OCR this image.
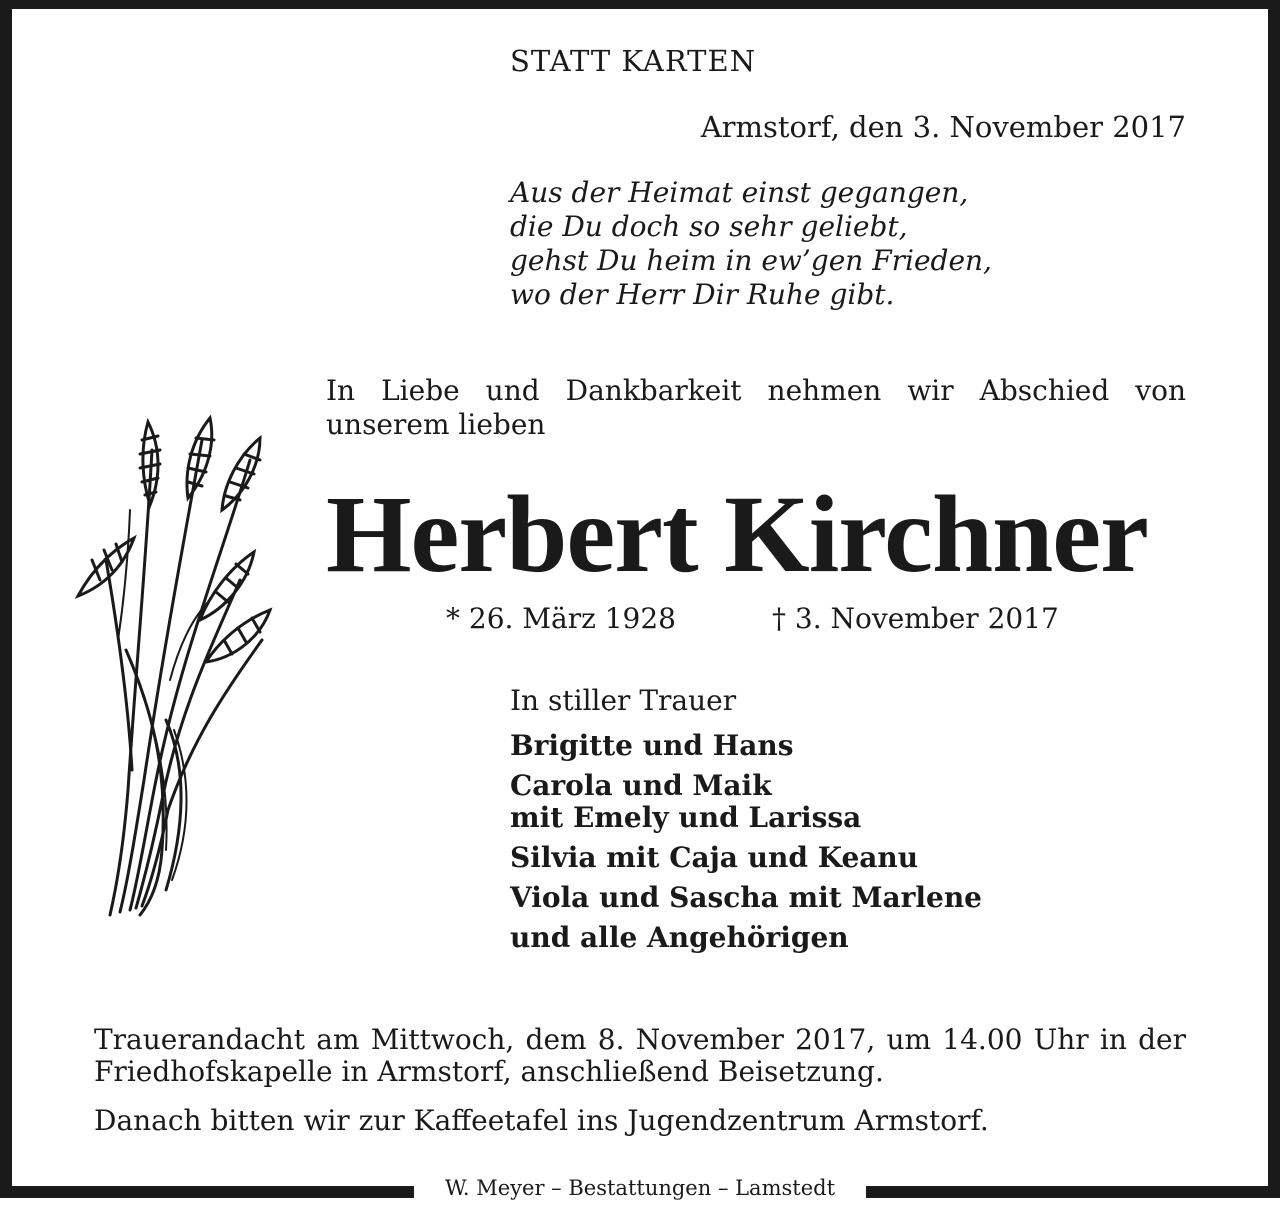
STATT KARTEN
Armstorf, den 3. November 2017
Aus der Heimat einst gegangen,
die Du doch so sehr geliebt,
gehst Du heim in ew’gen Frieden,
wo der Herr Dir Ruhe gibt.
In Liebe und Dankbarkeit nehmen wir Abschied von unserem lieben
Herbert Kirchner
* 26. März 1928	† 3. November 2017
In stiller Trauer
Brigitte und Hans
Carola und Maik
mit Emely und Larissa
Silvia mit Caja und Keanu
Viola und Sascha mit Marlene
und alle Angehörigen
Trauerandacht am Mittwoch, dem 8. November 2017, um 14.00 Uhr in der Friedhofskapelle in Armstorf, anschließend Beisetzung.
Danach bitten wir zur Kaffeetafel ins Jugendzentrum Armstorf.
W. Meyer – Bestattungen – Lamstedt
